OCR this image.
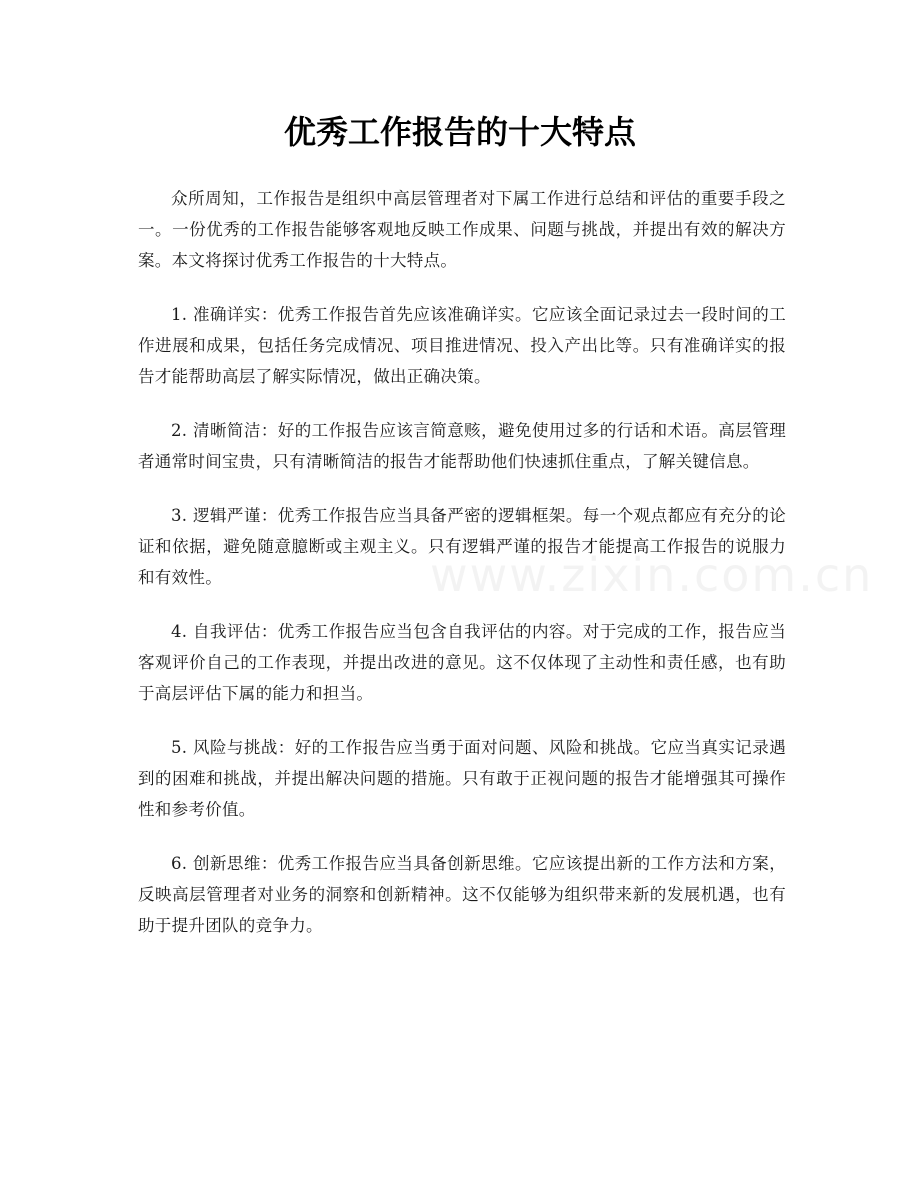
优秀工作报告的十大特点

众所周知，工作报告是组织中高层管理者对下属工作进行总结和评估的重要手段之一。一份优秀的工作报告能够客观地反映工作成果、问题与挑战，并提出有效的解决方案。本文将探讨优秀工作报告的十大特点。

1. 准确详实：优秀工作报告首先应该准确详实。它应该全面记录过去一段时间的工作进展和成果，包括任务完成情况、项目推进情况、投入产出比等。只有准确详实的报告才能帮助高层了解实际情况，做出正确决策。

2. 清晰简洁：好的工作报告应该言简意赅，避免使用过多的行话和术语。高层管理者通常时间宝贵，只有清晰简洁的报告才能帮助他们快速抓住重点，了解关键信息。

3. 逻辑严谨：优秀工作报告应当具备严密的逻辑框架。每一个观点都应有充分的论证和依据，避免随意臆断或主观主义。只有逻辑严谨的报告才能提高工作报告的说服力和有效性。

4. 自我评估：优秀工作报告应当包含自我评估的内容。对于完成的工作，报告应当客观评价自己的工作表现，并提出改进的意见。这不仅体现了主动性和责任感，也有助于高层评估下属的能力和担当。

5. 风险与挑战：好的工作报告应当勇于面对问题、风险和挑战。它应当真实记录遇到的困难和挑战，并提出解决问题的措施。只有敢于正视问题的报告才能增强其可操作性和参考价值。

6. 创新思维：优秀工作报告应当具备创新思维。它应该提出新的工作方法和方案，反映高层管理者对业务的洞察和创新精神。这不仅能够为组织带来新的发展机遇，也有助于提升团队的竞争力。

www.zixin.com.cn
